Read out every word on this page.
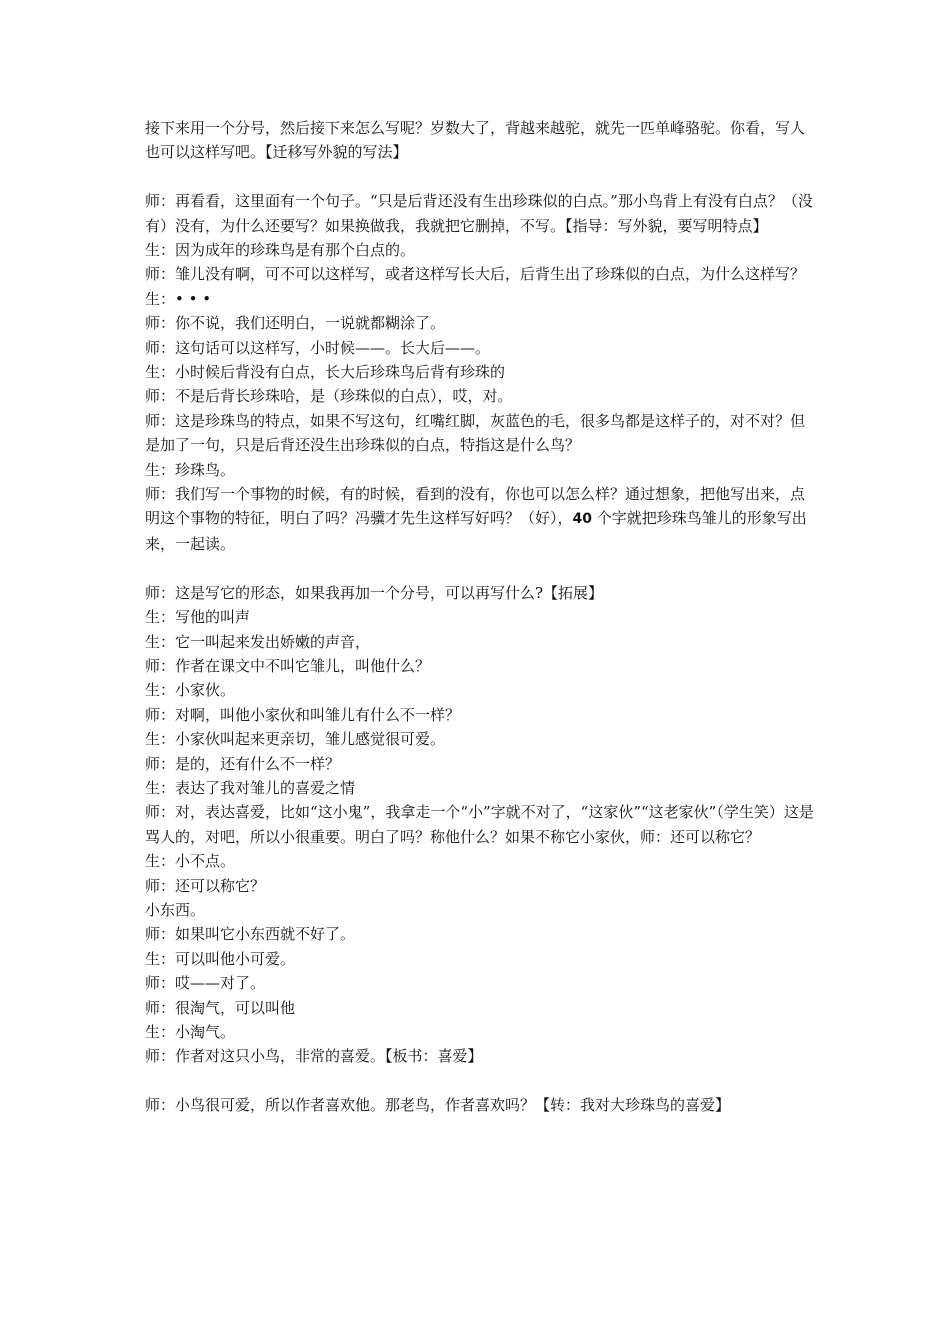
接下来用一个分号，然后接下来怎么写呢？岁数大了，背越来越驼，就先一匹单峰骆驼。你看，写人也可以这样写吧。【迁移写外貌的写法】

师：再看看，这里面有一个句子。“只是后背还没有生出珍珠似的白点。”那小鸟背上有没有白点？（没有）没有，为什么还要写？如果换做我，我就把它删掉，不写。【指导：写外貌，要写明特点】

生：因为成年的珍珠鸟是有那个白点的。

师：雏儿没有啊，可不可以这样写，或者这样写长大后，后背生出了珍珠似的白点，为什么这样写？

生：• • •

师：你不说，我们还明白，一说就都糊涂了。

师：这句话可以这样写，小时候——。长大后——。

生：小时候后背没有白点，长大后珍珠鸟后背有珍珠的

师：不是后背长珍珠哈，是（珍珠似的白点），哎，对。

师：这是珍珠鸟的特点，如果不写这句，红嘴红脚，灰蓝色的毛，很多鸟都是这样子的，对不对？但是加了一句，只是后背还没生出珍珠似的白点，特指这是什么鸟？

生：珍珠鸟。

师：我们写一个事物的时候，有的时候，看到的没有，你也可以怎么样？通过想象，把他写出来，点明这个事物的特征，明白了吗？冯骥才先生这样写好吗？（好），40 个字就把珍珠鸟雏儿的形象写出来，一起读。

师：这是写它的形态，如果我再加一个分号，可以再写什么?【拓展】

生：写他的叫声

生：它一叫起来发出娇嫩的声音，

师：作者在课文中不叫它雏儿，叫他什么？

生：小家伙。

师：对啊，叫他小家伙和叫雏儿有什么不一样？

生：小家伙叫起来更亲切，雏儿感觉很可爱。

师：是的，还有什么不一样？

生：表达了我对雏儿的喜爱之情

师：对，表达喜爱，比如“这小鬼”，我拿走一个“小”字就不对了，“这家伙”“这老家伙”（学生笑）这是骂人的，对吧，所以小很重要。明白了吗？称他什么？如果不称它小家伙，师：还可以称它？

生：小不点。

师：还可以称它？

小东西。

师：如果叫它小东西就不好了。

生：可以叫他小可爱。

师：哎——对了。

师：很淘气，可以叫他

生：小淘气。

师：作者对这只小鸟，非常的喜爱。【板书：喜爱】

师：小鸟很可爱，所以作者喜欢他。那老鸟，作者喜欢吗？【转：我对大珍珠鸟的喜爱】
